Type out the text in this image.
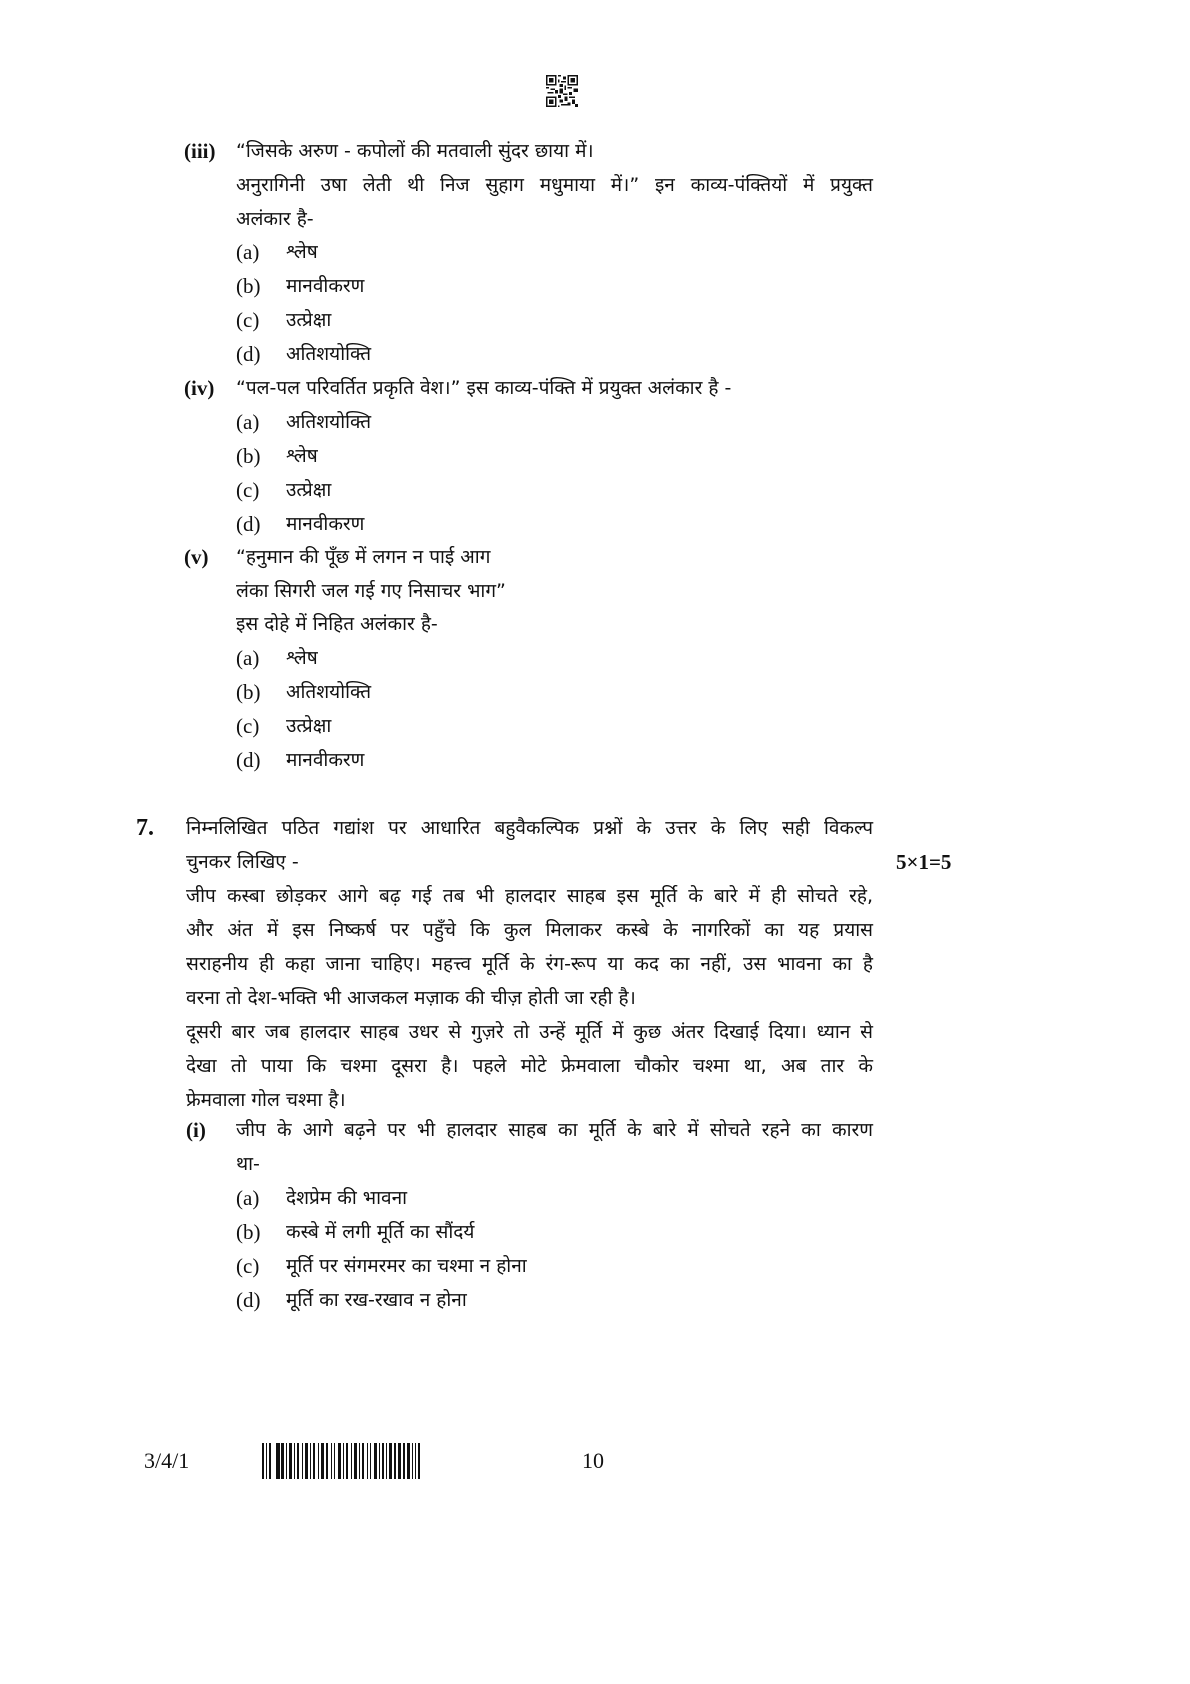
(iii) “जिसके अरुण - कपोलों की मतवाली सुंदर छाया में।
अनुरागिनी उषा लेती थी निज सुहाग मधुमाया में।” इन काव्य-पंक्तियों में प्रयुक्त
अलंकार है-
(a) श्लेष
(b) मानवीकरण
(c) उत्प्रेक्षा
(d) अतिशयोक्ति
(iv) “पल-पल परिवर्तित प्रकृति वेश।” इस काव्य-पंक्ति में प्रयुक्त अलंकार है -
(a) अतिशयोक्ति
(b) श्लेष
(c) उत्प्रेक्षा
(d) मानवीकरण
(v) “हनुमान की पूँछ में लगन न पाई आग
लंका सिगरी जल गई गए निसाचर भाग”
इस दोहे में निहित अलंकार है-
(a) श्लेष
(b) अतिशयोक्ति
(c) उत्प्रेक्षा
(d) मानवीकरण
7. निम्नलिखित पठित गद्यांश पर आधारित बहुवैकल्पिक प्रश्नों के उत्तर के लिए सही विकल्प
चुनकर लिखिए -	5×1=5
जीप कस्बा छोड़कर आगे बढ़ गई तब भी हालदार साहब इस मूर्ति के बारे में ही सोचते रहे,
और अंत में इस निष्कर्ष पर पहुँचे कि कुल मिलाकर कस्बे के नागरिकों का यह प्रयास
सराहनीय ही कहा जाना चाहिए। महत्त्व मूर्ति के रंग-रूप या कद का नहीं, उस भावना का है
वरना तो देश-भक्ति भी आजकल मज़ाक की चीज़ होती जा रही है।
दूसरी बार जब हालदार साहब उधर से गुज़रे तो उन्हें मूर्ति में कुछ अंतर दिखाई दिया। ध्यान से
देखा तो पाया कि चश्मा दूसरा है। पहले मोटे फ्रेमवाला चौकोर चश्मा था, अब तार के
फ्रेमवाला गोल चश्मा है।
(i) जीप के आगे बढ़ने पर भी हालदार साहब का मूर्ति के बारे में सोचते रहने का कारण
था-
(a) देशप्रेम की भावना
(b) कस्बे में लगी मूर्ति का सौंदर्य
(c) मूर्ति पर संगमरमर का चश्मा न होना
(d) मूर्ति का रख-रखाव न होना
3/4/1	10
